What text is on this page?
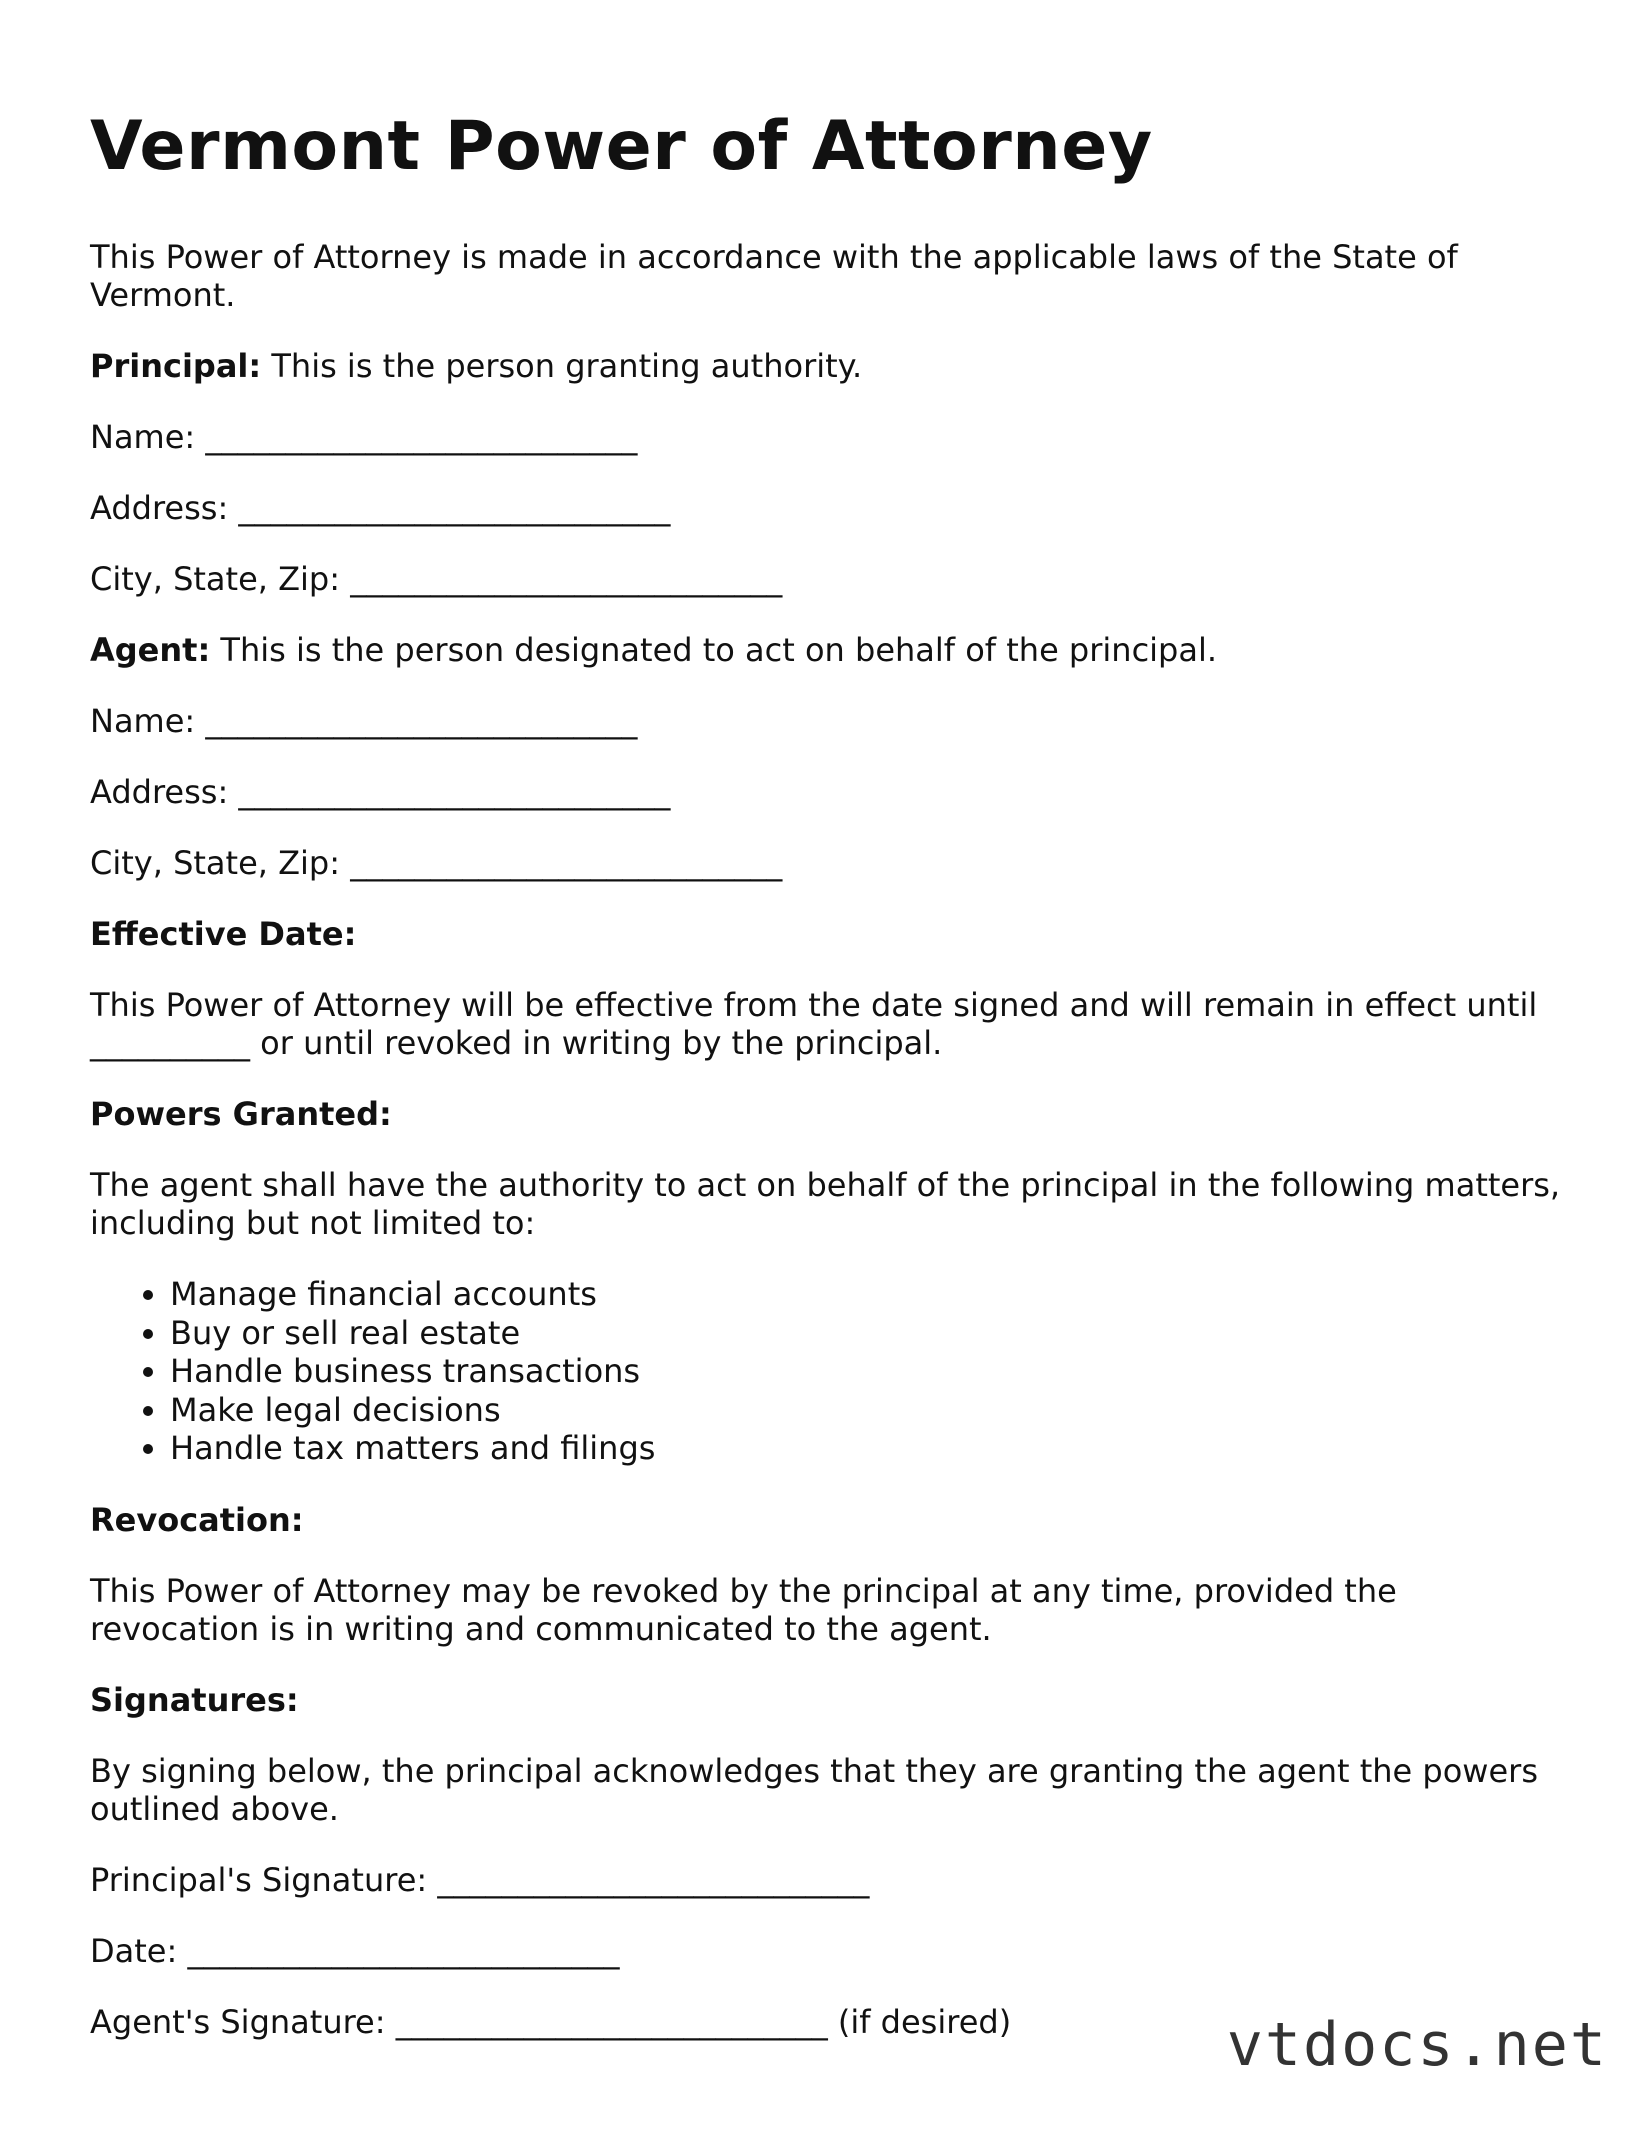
Vermont Power of Attorney

This Power of Attorney is made in accordance with the applicable laws of the State of Vermont.

Principal: This is the person granting authority.

Name: ___________________________

Address: ___________________________

City, State, Zip: ___________________________

Agent: This is the person designated to act on behalf of the principal.

Name: ___________________________

Address: ___________________________

City, State, Zip: ___________________________

Effective Date:

This Power of Attorney will be effective from the date signed and will remain in effect until __________ or until revoked in writing by the principal.

Powers Granted:

The agent shall have the authority to act on behalf of the principal in the following matters, including but not limited to:

• Manage financial accounts
• Buy or sell real estate
• Handle business transactions
• Make legal decisions
• Handle tax matters and filings

Revocation:

This Power of Attorney may be revoked by the principal at any time, provided the revocation is in writing and communicated to the agent.

Signatures:

By signing below, the principal acknowledges that they are granting the agent the powers outlined above.

Principal's Signature: ___________________________

Date: ___________________________

Agent's Signature: ___________________________ (if desired)	vtdocs.net
